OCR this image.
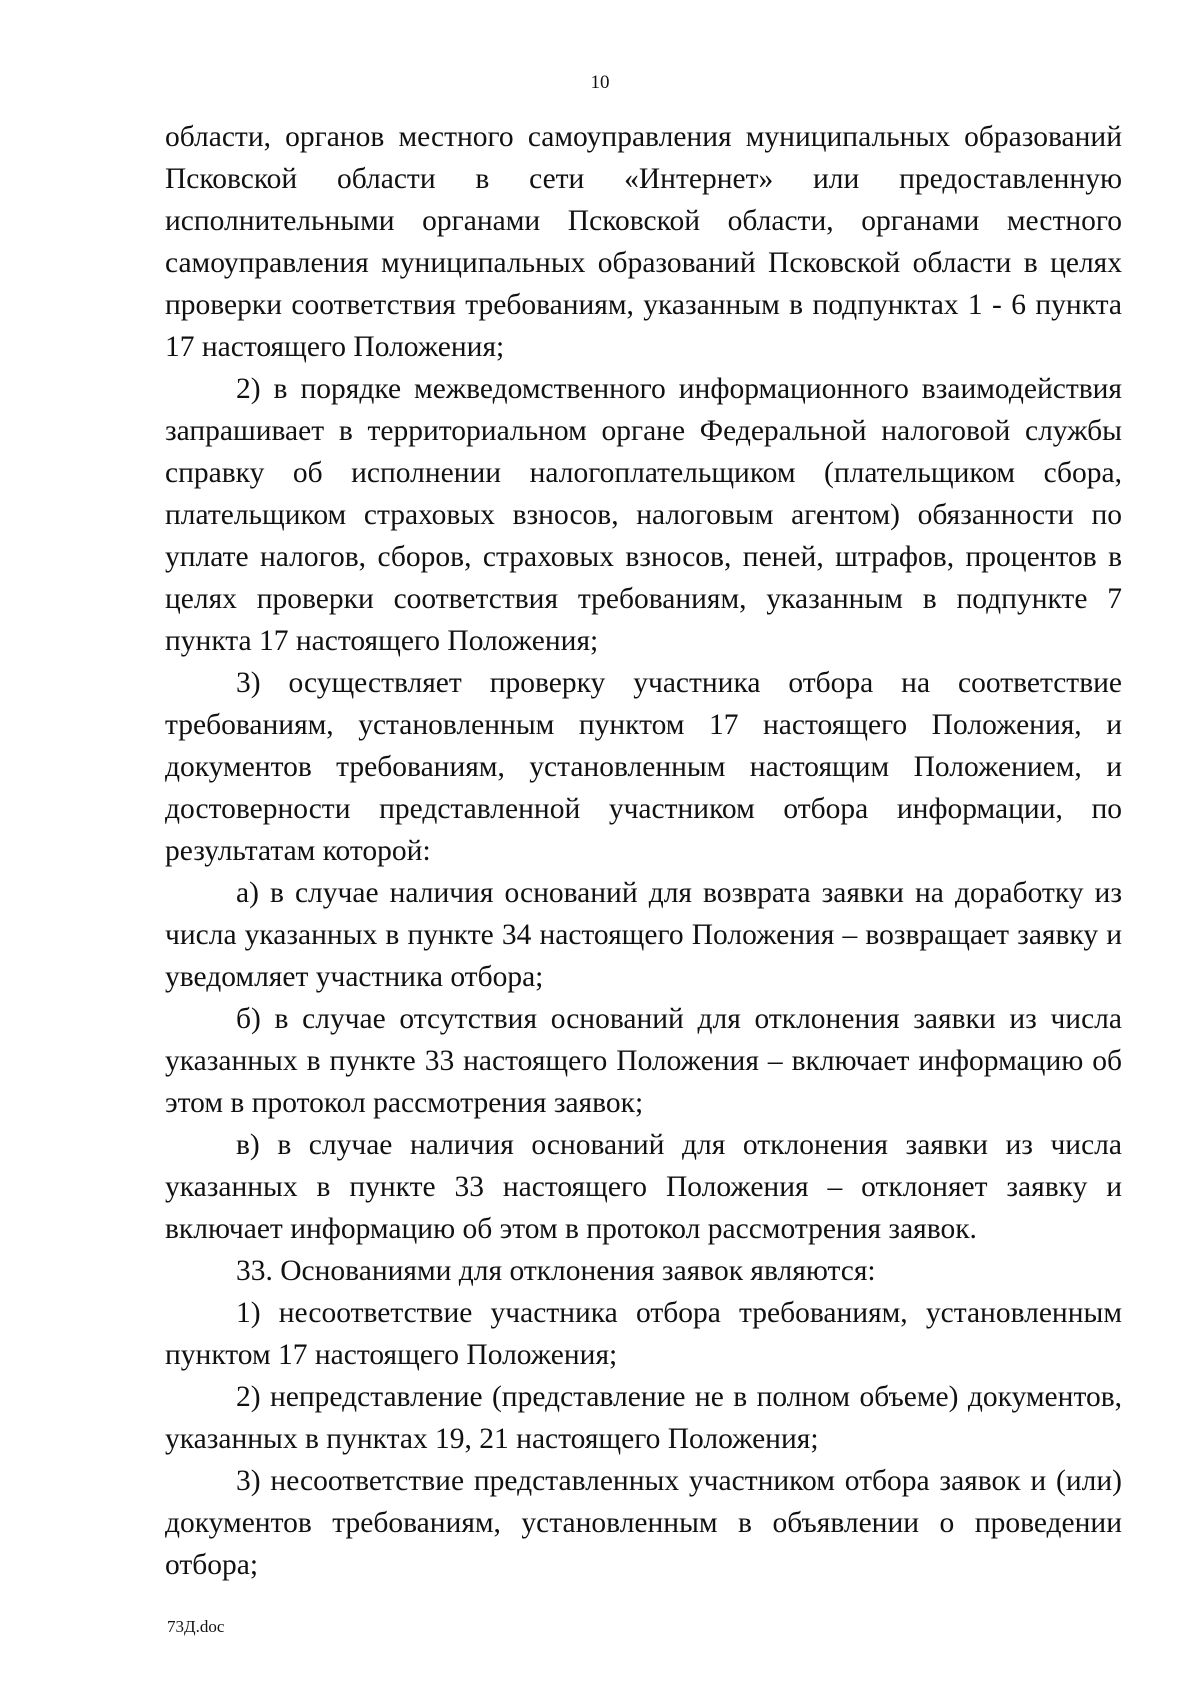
10

области, органов местного самоуправления муниципальных образований Псковской области в сети «Интернет» или предоставленную исполнительными органами Псковской области, органами местного самоуправления муниципальных образований Псковской области в целях проверки соответствия требованиям, указанным в подпунктах 1 - 6 пункта 17 настоящего Положения;

2) в порядке межведомственного информационного взаимодействия запрашивает в территориальном органе Федеральной налоговой службы справку об исполнении налогоплательщиком (плательщиком сбора, плательщиком страховых взносов, налоговым агентом) обязанности по уплате налогов, сборов, страховых взносов, пеней, штрафов, процентов в целях проверки соответствия требованиям, указанным в подпункте 7 пункта 17 настоящего Положения;

3) осуществляет проверку участника отбора на соответствие требованиям, установленным пунктом 17 настоящего Положения, и документов требованиям, установленным настоящим Положением, и достоверности представленной участником отбора информации, по результатам которой:

а) в случае наличия оснований для возврата заявки на доработку из числа указанных в пункте 34 настоящего Положения – возвращает заявку и уведомляет участника отбора;

б) в случае отсутствия оснований для отклонения заявки из числа указанных в пункте 33 настоящего Положения – включает информацию об этом в протокол рассмотрения заявок;

в) в случае наличия оснований для отклонения заявки из числа указанных в пункте 33 настоящего Положения – отклоняет заявку и включает информацию об этом в протокол рассмотрения заявок.

33. Основаниями для отклонения заявок являются:

1) несоответствие участника отбора требованиям, установленным пунктом 17 настоящего Положения;

2) непредставление (представление не в полном объеме) документов, указанных в пунктах 19, 21 настоящего Положения;

3) несоответствие представленных участником отбора заявок и (или) документов требованиям, установленным в объявлении о проведении отбора;

73Д.doc
